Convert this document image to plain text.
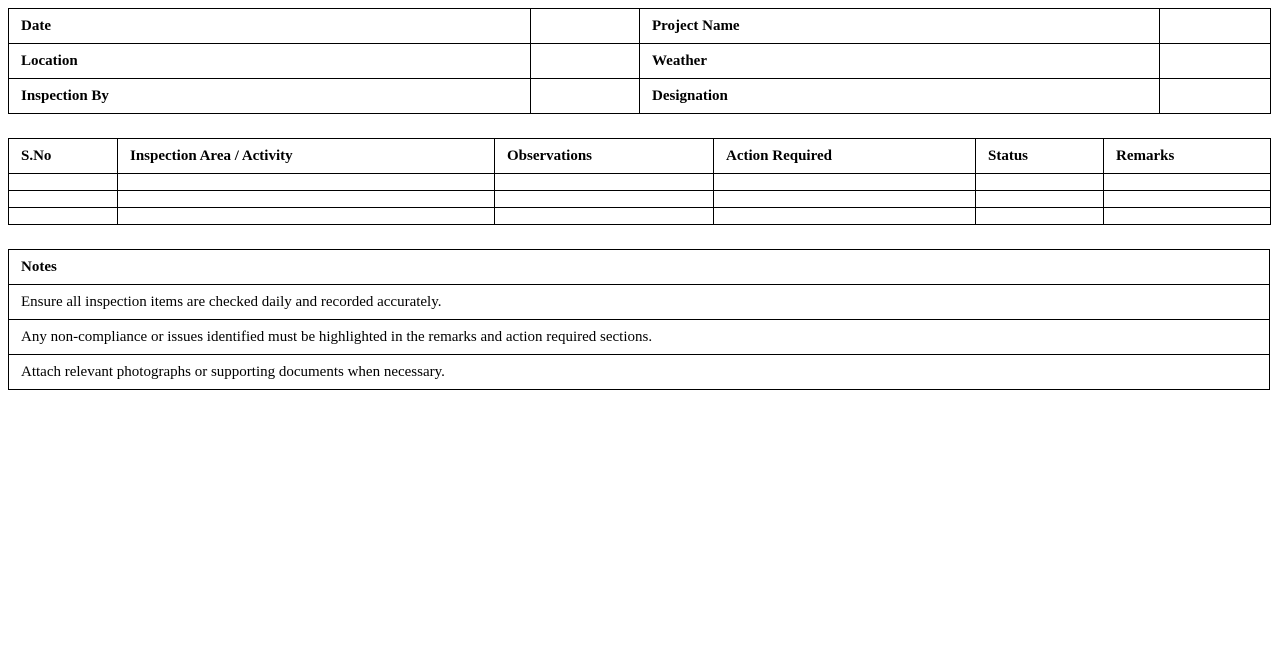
Date		Project Name	
Location		Weather	
Inspection By		Designation	
S.No	Inspection Area / Activity	Observations	Action Required	Status	Remarks

Notes
Ensure all inspection items are checked daily and recorded accurately.
Any non-compliance or issues identified must be highlighted in the remarks and action required sections.
Attach relevant photographs or supporting documents when necessary.
